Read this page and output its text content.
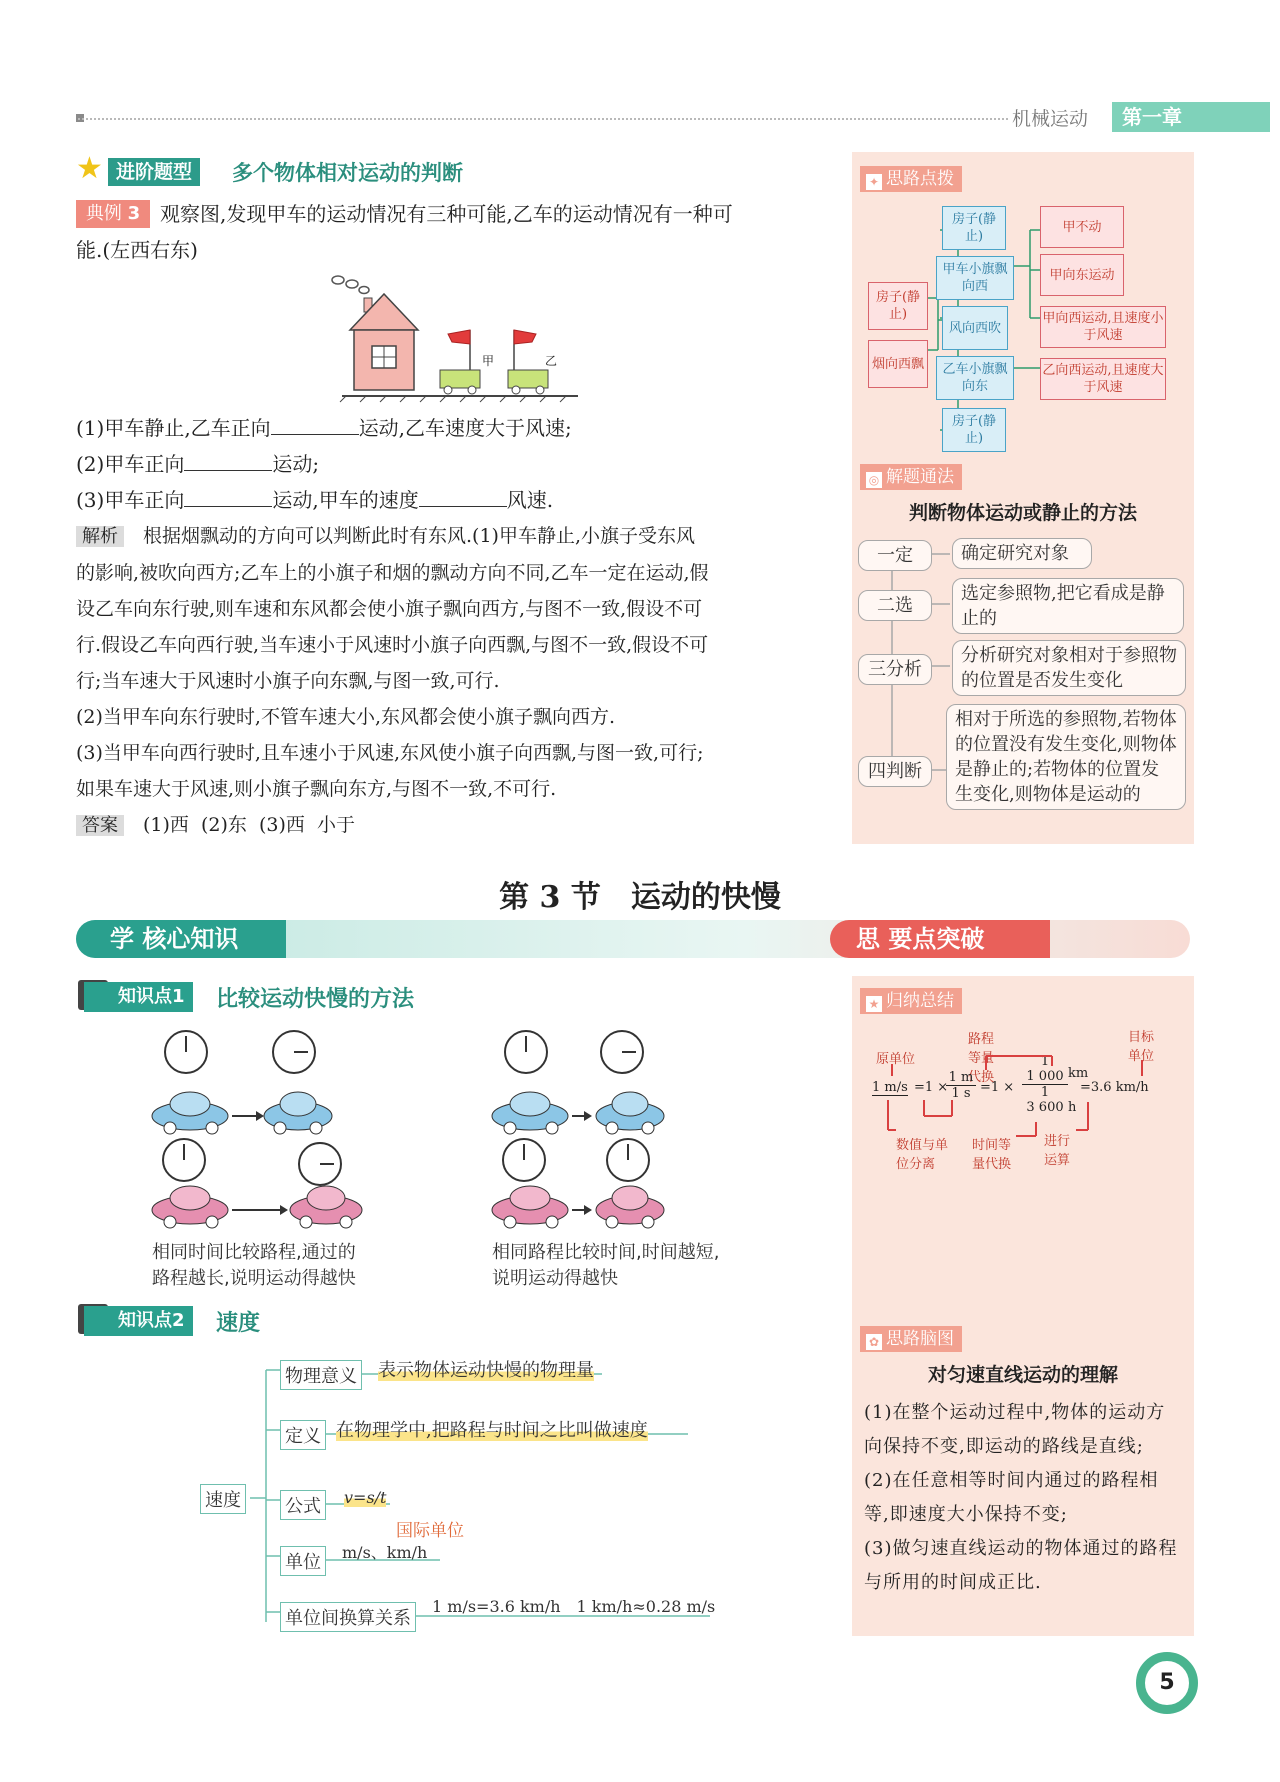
机械运动	第一章
★ 进阶题型	多个物体相对运动的判断
典例 3 观察图,发现甲车的运动情况有三种可能,乙车的运动情况有一种可
能.(左西右东)
甲	乙
(1)甲车静止,乙车正向	运动,乙车速度大于风速;
(2)甲车正向	运动;
(3)甲车正向	运动,甲车的速度	风速.
解析　 根据烟飘动的方向可以判断此时有东风.(1)甲车静止,小旗子受东风
的影响,被吹向西方;乙车上的小旗子和烟的飘动方向不同,乙车一定在运动,假
设乙车向东行驶,则车速和东风都会使小旗子飘向西方,与图不一致,假设不可
行.假设乙车向西行驶,当车速小于风速时小旗子向西飘,与图不一致,假设不可
行;当车速大于风速时小旗子向东飘,与图一致,可行.
(2)当甲车向东行驶时,不管车速大小,东风都会使小旗子飘向西方.
(3)当甲车向西行驶时,且车速小于风速,东风使小旗子向西飘,与图一致,可行;
如果车速大于风速,则小旗子飘向东方,与图不一致,不可行.
答案　 (1)西  (2)东  (3)西  小于
✦ 思路点拨
房子(静止)
烟向西飘
房子(静止)
甲车小旗飘向西
风向西吹
乙车小旗飘向东
房子(静止)
甲不动
甲向东运动
甲向西运动,且速度小于风速
乙向西运动,且速度大于风速
◎ 解题通法
判断物体运动或静止的方法
一定	确定研究对象
二选
选定参照物,把它看成是静止的
三分析
分析研究对象相对于参照物的位置是否发生变化
四判断
相对于所选的参照物,若物体的位置没有发生变化,则物体是静止的;若物体的位置发生变化,则物体是运动的
第 3 节　运动的快慢
学 核心知识	思 要点突破
知识点1	比较运动快慢的方法
相同时间比较路程,通过的
路程越长,说明运动得越快
相同路程比较时间,时间越短,
说明运动得越快
知识点2	速度
速度
物理意义 表示物体运动快慢的物理量
定义 在物理学中,把路程与时间之比叫做速度
公式	v=s/t
国际单位
单位	m/s、km/h
单位间换算关系
1 m/s=3.6 km/h　1 km/h≈0.28 m/s
★ 归纳总结
原单位
路程等量代换
目标单位
1 m/s =1 ×
1 m
1 s =1 ×
1
1 000
1
3 600
km
h
=3.6 km/h
数值与单位分离
时间等量代换
进行运算
✿ 思路脑图
对匀速直线运动的理解
(1)在整个运动过程中,物体的运动方向保持不变,即运动的路线是直线;
(2)在任意相等时间内通过的路程相等,即速度大小保持不变;
(3)做匀速直线运动的物体通过的路程与所用的时间成正比.
5
